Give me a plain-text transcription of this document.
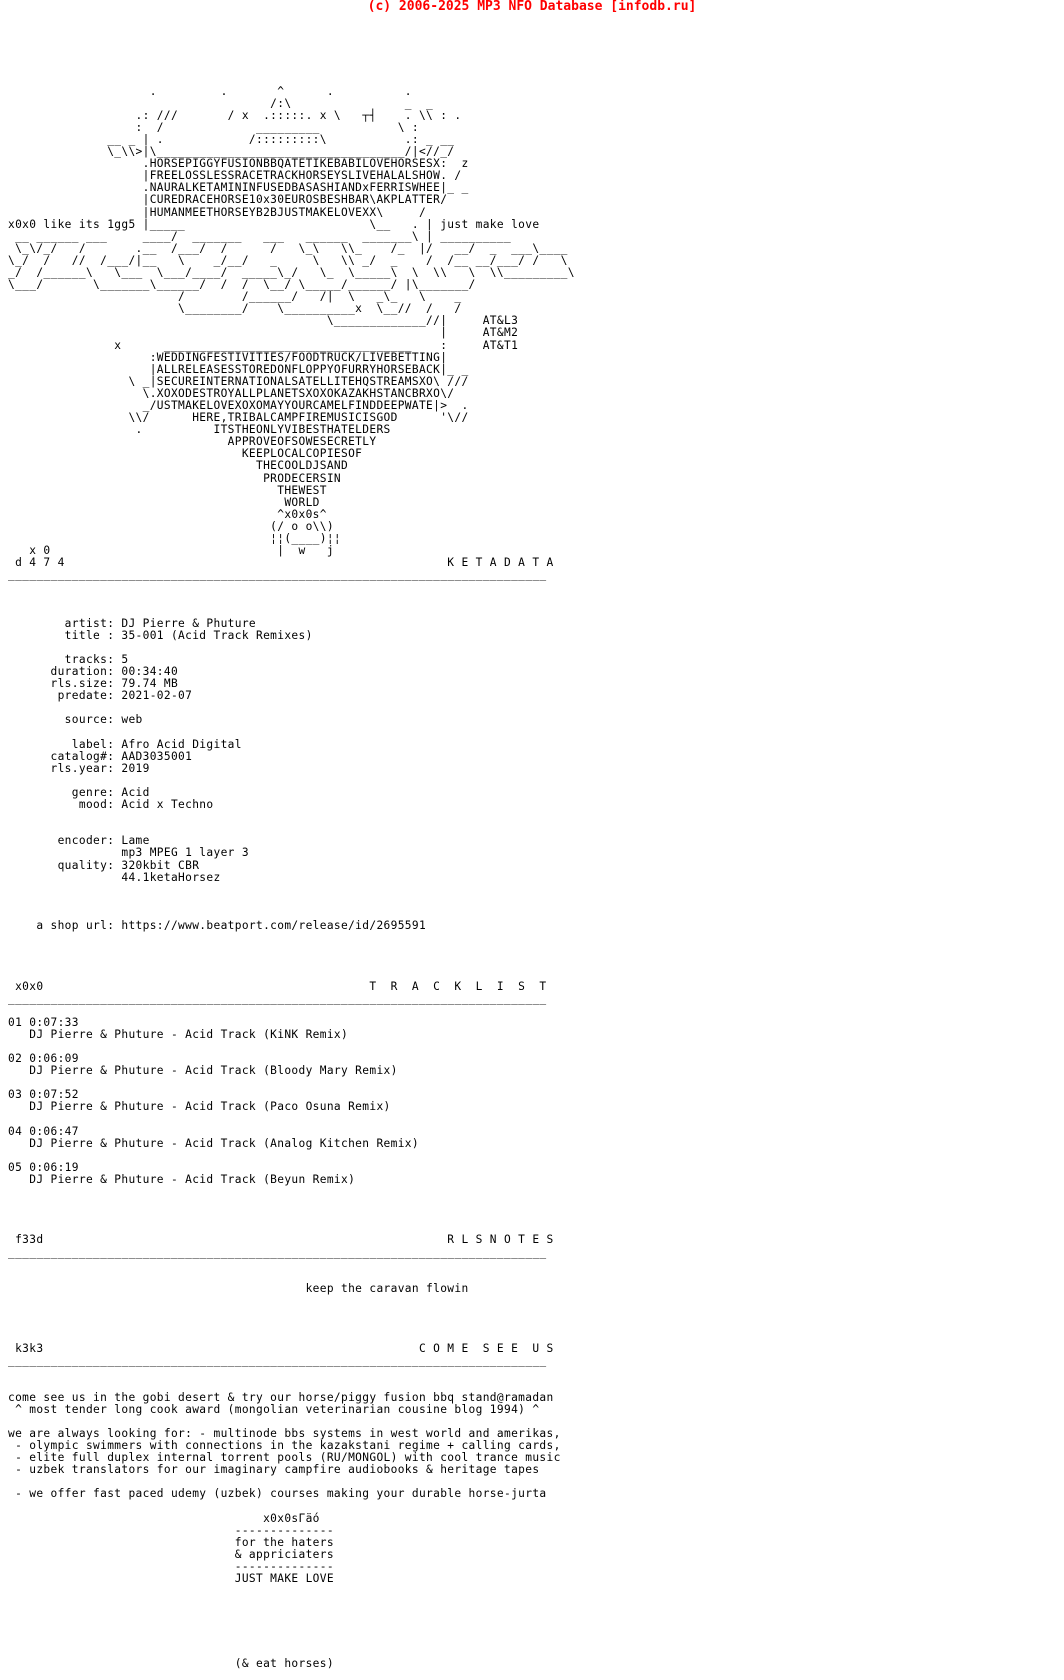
(c) 2006-2025 MP3 NFO Database [infodb.ru]

.         .       ^      .          .
/:\                _  _
.: ///       / x  .:::::. x \   ┬┤    . \\ : .
:  /             _________           \ :
__ _ | .            /:::::::::\           .: _ __
\_\\>|\___________________________________/|<//_/
.HORSEPIGGYFUSIONBBQATETIKEBABILOVEHORSESX:  z
|FREELOSSLESSRACETRACKHORSEYSLIVEHALALSHOW. /
.NAURALKETAMININFUSEDBASASHIANDxFERRISWHEE|_ _
|CUREDRACEHORSE10x30EUROSBESHBAR\AKPLATTER/
|HUMANMEETHORSEYB2BJUSTMAKELOVEXX\     /
x0x0 like its 1gg5 |_____                          \__   . | just make love
__ ______ ___     ____/  _______   ___   ______  _______\ | __________
\_\/_/   /       .__  /___/  /      /   \_\   \\_    /_  |/   __/  _  ___\____
\_/  /   //  /___/|__   \    _/__/   _     \   \\ _/  _    /  /__ __/___/ /   \
_/  /______\   \___  \___/____/  _____\_/   \_  \_____\  \  \\   \  \\_________\
\___/       \_______\______/  /  /  \__/ \_____/______/ |\_______/
/        /______/   /|  \   _\_   \    _
\________/    \__________x  \__//  /   /
\_____________//|     AT&L3
|     AT&M2
x      ___________________________________    :     AT&T1
:WEDDINGFESTIVITIES/FOODTRUCK/LIVEBETTING|
|ALLRELEASESSTOREDONFLOPPYOFURRYHORSEBACK|_ _
\ _|SECUREINTERNATIONALSATELLITEHQSTREAMSXO\ ///
\.XOXODESTROYALLPLANETSXOXOKAZAKHSTANCBRXO\/
_/USTMAKELOVEXOXOMAYYOURCAMELFINDDEEPWATE|>  .
\\/      HERE,TRIBALCAMPFIREMUSICISGOD      '\//
.          ITSTHEONLYVIBESTHATELDERS
APPROVEOFSOWESECRETLY
KEEPLOCALCOPIESOF
THECOOLDJSAND
PRODECERSIN
THEWEST
WORLD
^x0x0s^
(/ o o\\)
¦¦(____)¦¦
x 0                                |  w   j
d 4 7 4                                                      K E T A D A T A
____________________________________________________________________________

artist: DJ Pierre & Phuture
title : 35-001 (Acid Track Remixes)

tracks: 5
duration: 00:34:40
rls.size: 79.74 MB
predate: 2021-02-07

source: web

label: Afro Acid Digital
catalog#: AAD3035001
rls.year: 2019

genre: Acid
mood: Acid x Techno

encoder: Lame
mp3 MPEG 1 layer 3
quality: 320kbit CBR
44.1ketaHorsez

a shop url: https://www.beatport.com/release/id/2695591

x0x0                                              T  R  A  C  K  L  I  S  T
____________________________________________________________________________

01 0:07:33
DJ Pierre & Phuture - Acid Track (KiNK Remix)

02 0:06:09
DJ Pierre & Phuture - Acid Track (Bloody Mary Remix)

03 0:07:52
DJ Pierre & Phuture - Acid Track (Paco Osuna Remix)

04 0:06:47
DJ Pierre & Phuture - Acid Track (Analog Kitchen Remix)

05 0:06:19
DJ Pierre & Phuture - Acid Track (Beyun Remix)

f33d                                                         R L S N O T E S
____________________________________________________________________________

keep the caravan flowin

k3k3                                                     C O M E  S E E  U S
____________________________________________________________________________

come see us in the gobi desert & try our horse/piggy fusion bbq stand@ramadan
^ most tender long cook award (mongolian veterinarian cousine blog 1994) ^

we are always looking for: - multinode bbs systems in west world and amerikas,
- olympic swimmers with connections in the kazakstani regime + calling cards,
- elite full duplex internal torrent pools (RU/MONGOL) with cool trance music
- uzbek translators for our imaginary campfire audiobooks & heritage tapes

- we offer fast paced udemy (uzbek) courses making your durable horse-jurta

x0x0sГäó
--------------
for the haters
& appriciaters
--------------
JUST MAKE LOVE

(& eat horses)
